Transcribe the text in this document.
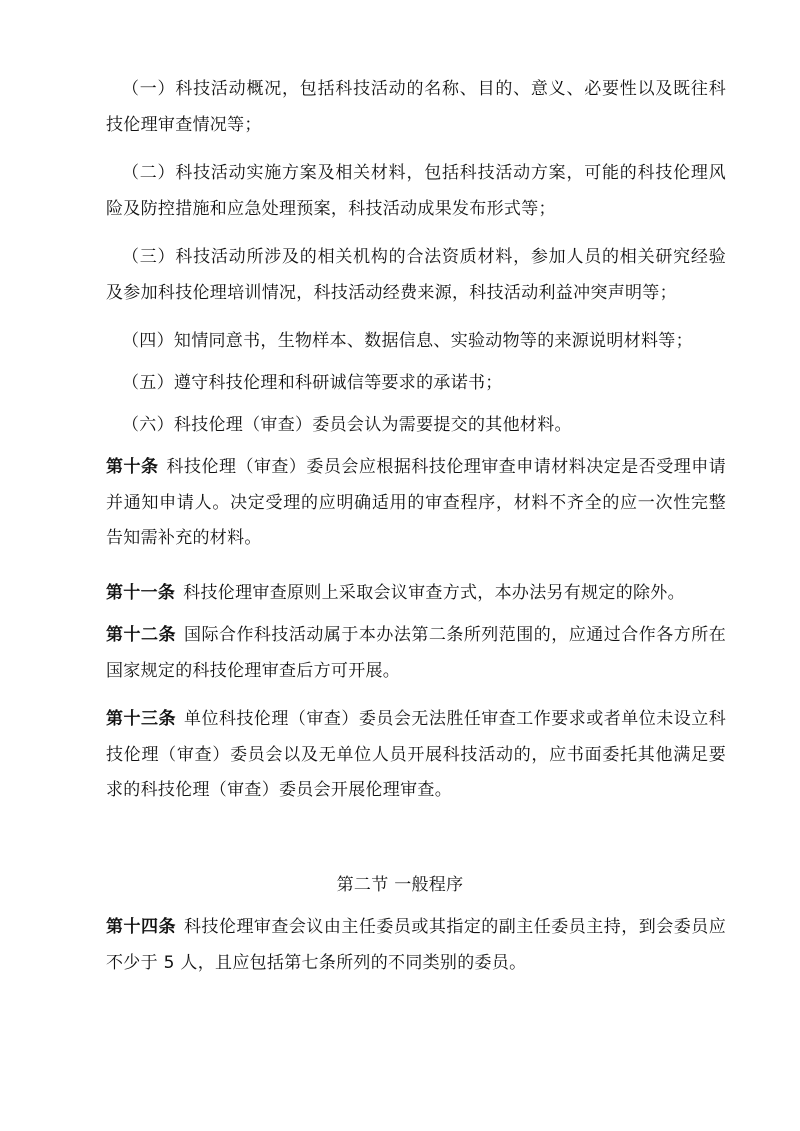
（一）科技活动概况，包括科技活动的名称、目的、意义、必要性以及既往科技伦理审查情况等；

（二）科技活动实施方案及相关材料，包括科技活动方案，可能的科技伦理风险及防控措施和应急处理预案，科技活动成果发布形式等；

（三）科技活动所涉及的相关机构的合法资质材料，参加人员的相关研究经验及参加科技伦理培训情况，科技活动经费来源，科技活动利益冲突声明等；

（四）知情同意书，生物样本、数据信息、实验动物等的来源说明材料等；

（五）遵守科技伦理和科研诚信等要求的承诺书；

（六）科技伦理（审查）委员会认为需要提交的其他材料。

第十条 科技伦理（审查）委员会应根据科技伦理审查申请材料决定是否受理申请并通知申请人。决定受理的应明确适用的审查程序，材料不齐全的应一次性完整告知需补充的材料。

第十一条 科技伦理审查原则上采取会议审查方式，本办法另有规定的除外。

第十二条 国际合作科技活动属于本办法第二条所列范围的，应通过合作各方所在国家规定的科技伦理审查后方可开展。

第十三条 单位科技伦理（审查）委员会无法胜任审查工作要求或者单位未设立科技伦理（审查）委员会以及无单位人员开展科技活动的，应书面委托其他满足要求的科技伦理（审查）委员会开展伦理审查。

第二节 一般程序

第十四条 科技伦理审查会议由主任委员或其指定的副主任委员主持，到会委员应不少于 5 人，且应包括第七条所列的不同类别的委员。
